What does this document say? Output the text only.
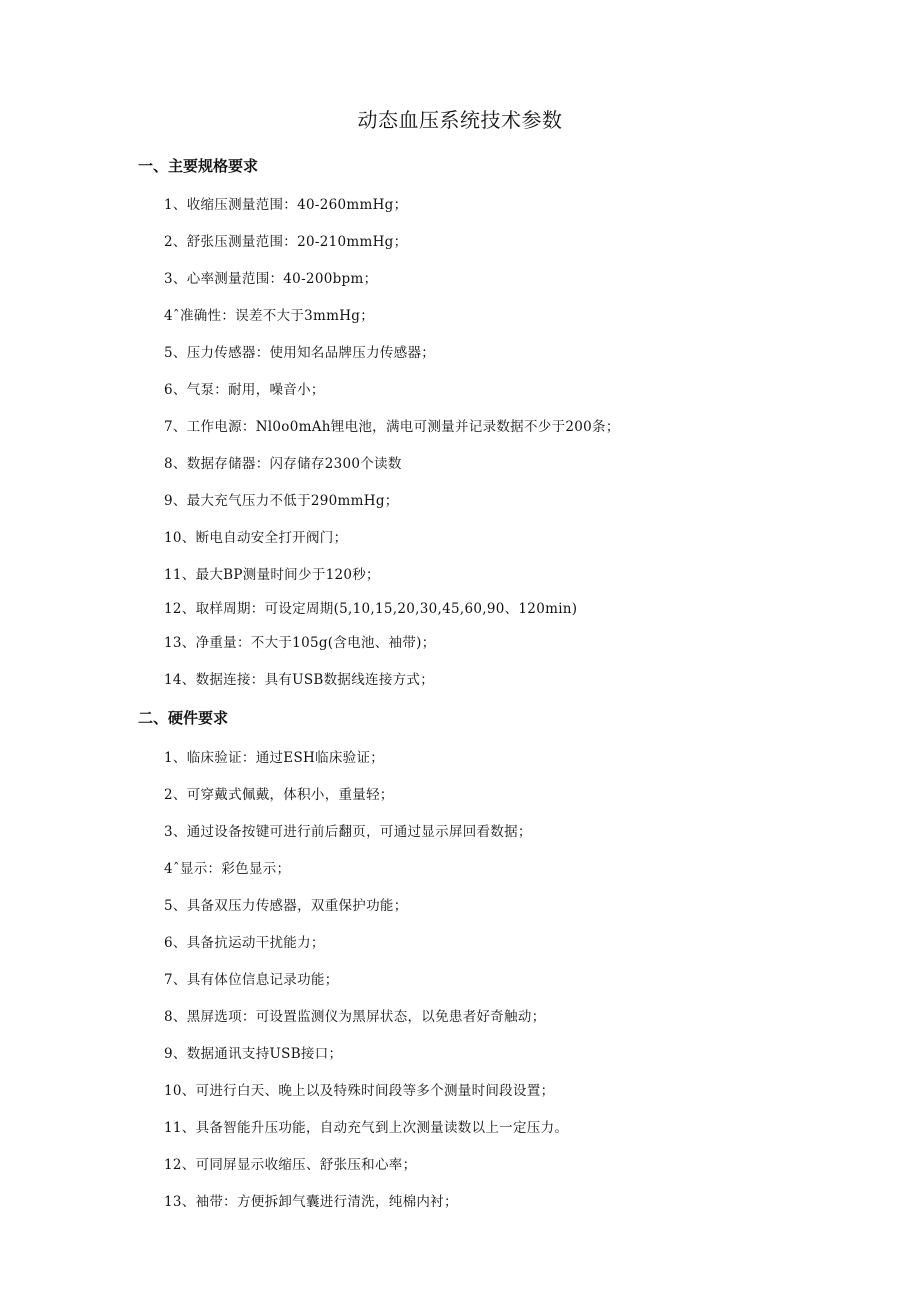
动态血压系统技术参数
一、主要规格要求
1、收缩压测量范围：40-260mmHg；
2、舒张压测量范围：20-210mmHg；
3、心率测量范围：40-200bpm；
4ˆ准确性：误差不大于3mmHg；
5、压力传感器：使用知名品牌压力传感器；
6、气泵：耐用，噪音小；
7、工作电源：Nl0o0mAh锂电池，满电可测量并记录数据不少于200条；
8、数据存储器：闪存储存2300个读数
9、最大充气压力不低于290mmHg；
10、断电自动安全打开阀门；
11、最大BP测量时间少于120秒；
12、取样周期：可设定周期(5,10,15,20,30,45,60,90、120min)
13、净重量：不大于105g(含电池、袖带)；
14、数据连接：具有USB数据线连接方式；
二、硬件要求
1、临床验证：通过ESH临床验证；
2、可穿戴式佩戴，体积小，重量轻；
3、通过设备按键可进行前后翻页，可通过显示屏回看数据；
4ˆ显示：彩色显示；
5、具备双压力传感器，双重保护功能；
6、具备抗运动干扰能力；
7、具有体位信息记录功能；
8、黑屏选项：可设置监测仪为黑屏状态，以免患者好奇触动；
9、数据通讯支持USB接口；
10、可进行白天、晚上以及特殊时间段等多个测量时间段设置；
11、具备智能升压功能，自动充气到上次测量读数以上一定压力。
12、可同屏显示收缩压、舒张压和心率；
13、袖带：方便拆卸气囊进行清洗，纯棉内衬；
